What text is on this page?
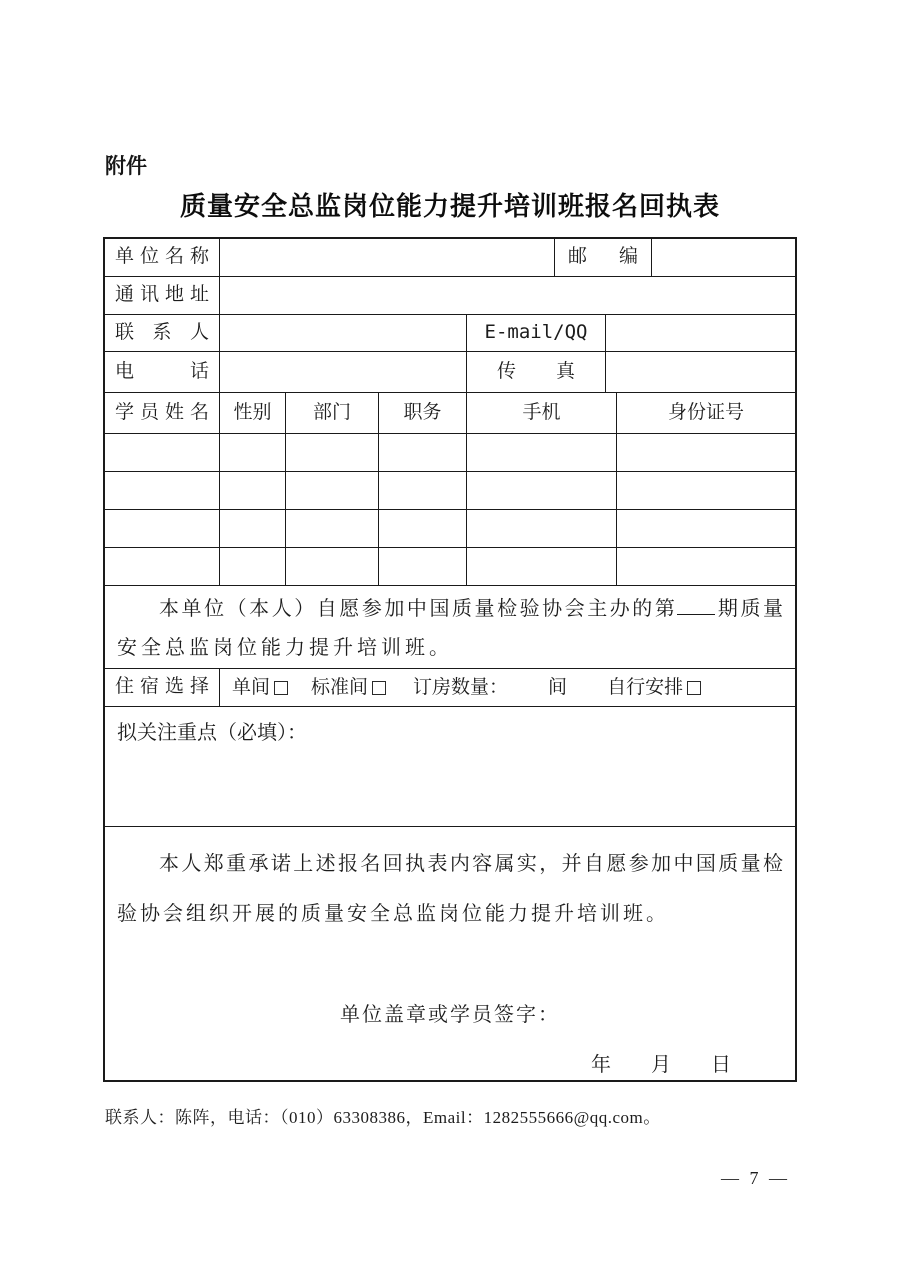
附件
质量安全总监岗位能力提升培训班报名回执表
单位名称	邮编
通讯地址
联系人	E-mail/QQ
电话	传真
学员姓名	性别	部门	职务	手机	身份证号
本单位（本人）自愿参加中国质量检验协会主办的第 期质量
安全总监岗位能力提升培训班。
住宿选择	单间 标准间 订房数量： 间 自行安排
拟关注重点（必填）：
本人郑重承诺上述报名回执表内容属实，并自愿参加中国质量检
验协会组织开展的质量安全总监岗位能力提升培训班。
单位盖章或学员签字：
年　　月　　日
联系人：陈阵，电话：（010）63308386，Email：1282555666@qq.com。
— 7 —
